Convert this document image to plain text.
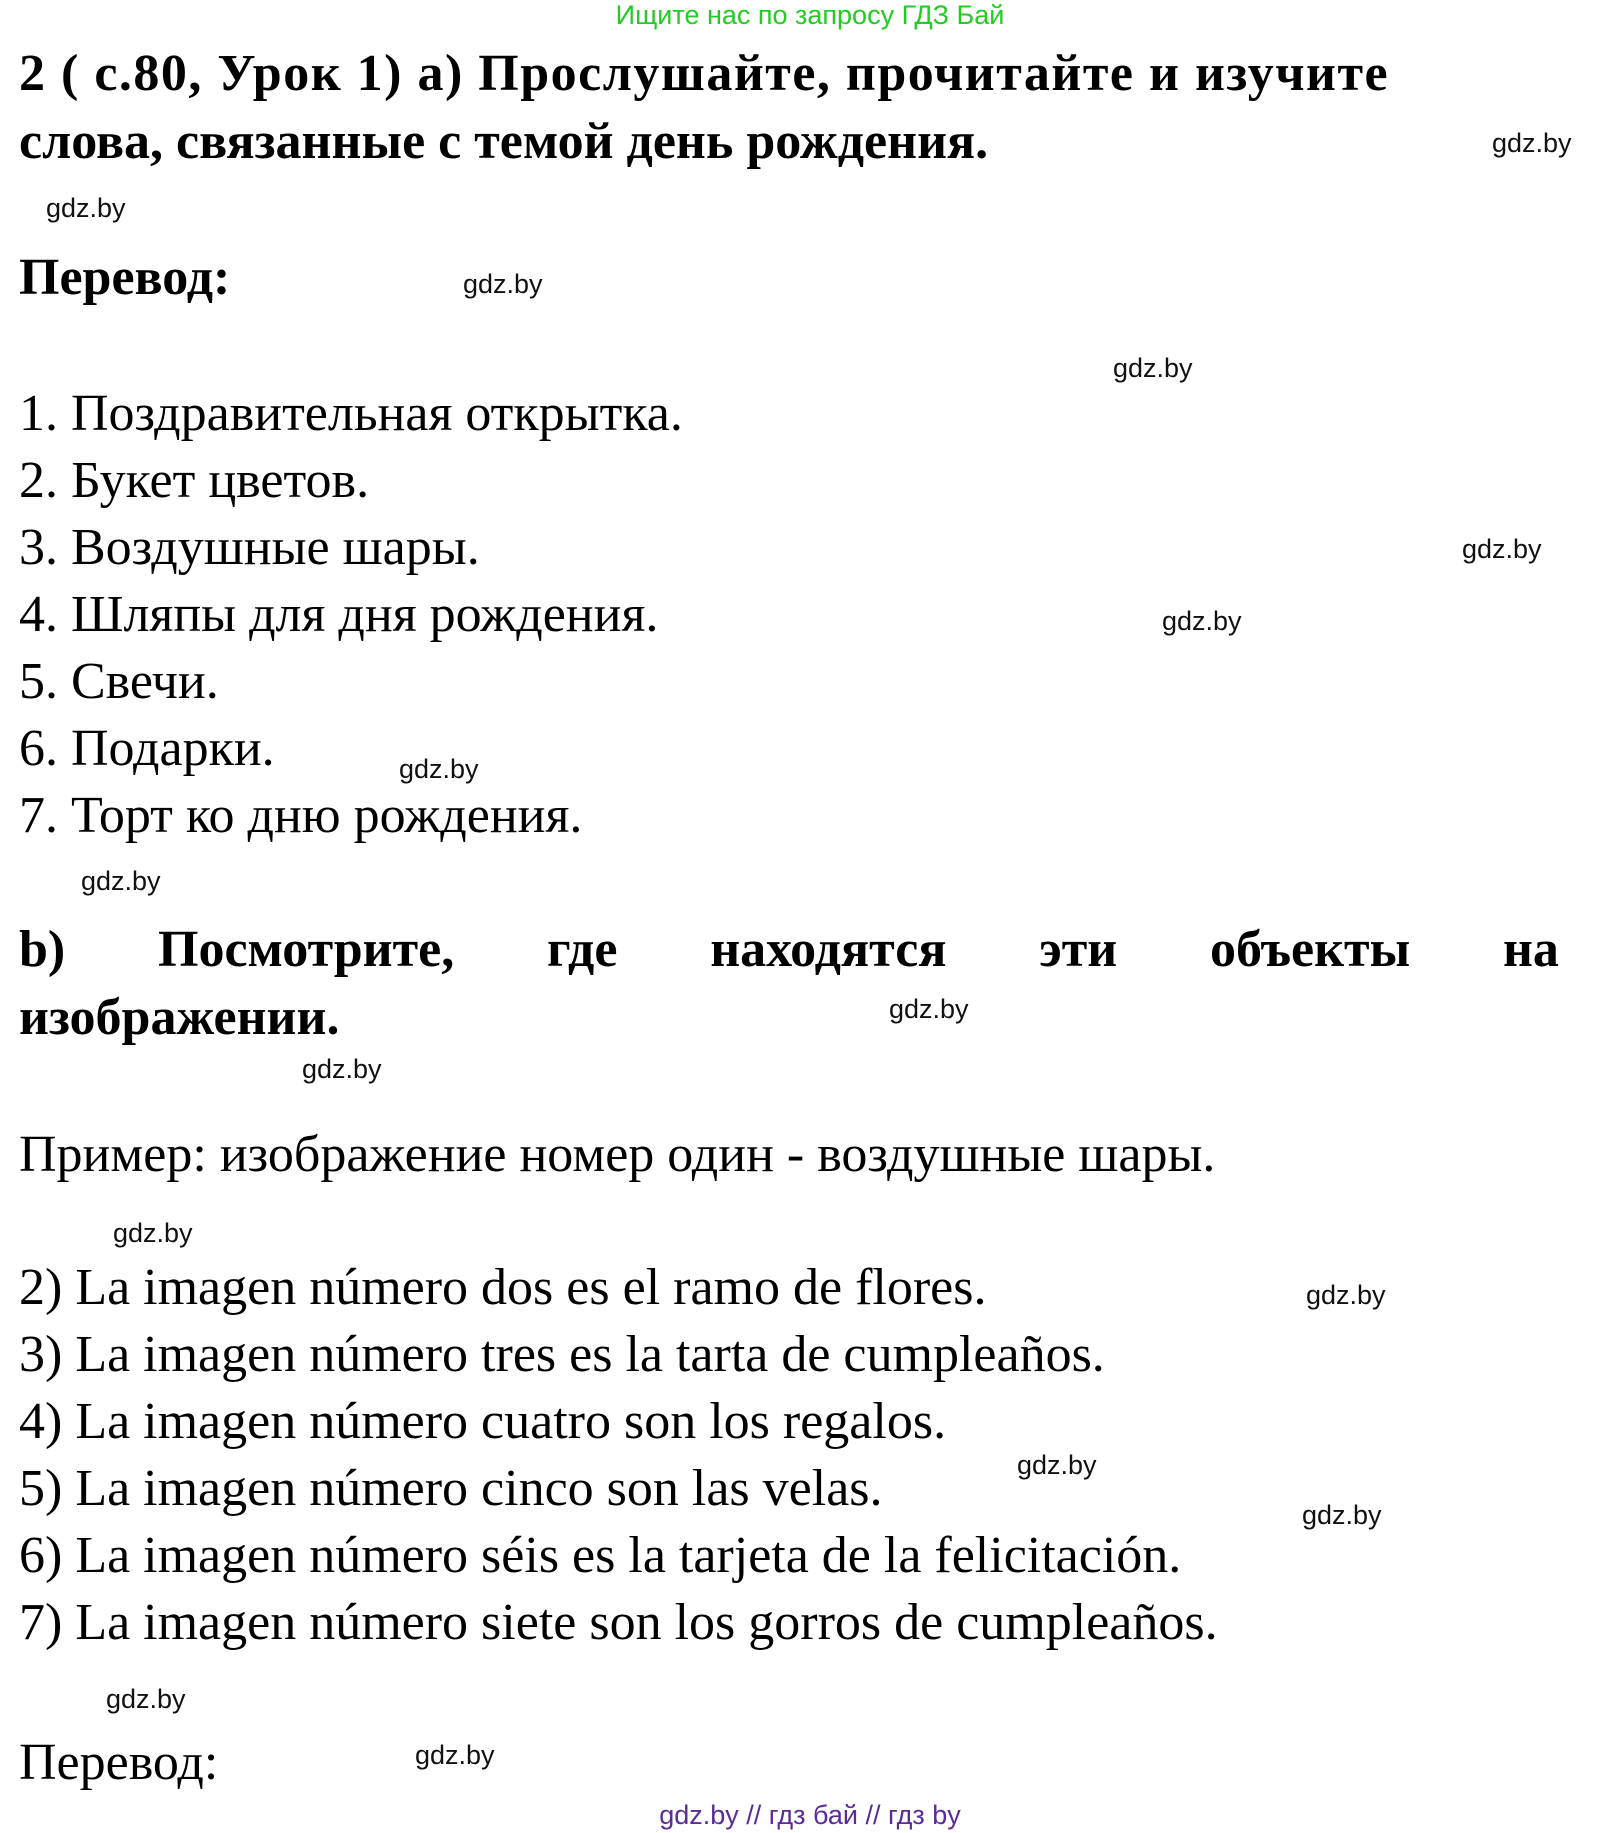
Ищите нас по запросу ГДЗ Бай
2 ( с.80, Урок 1) a) Прослушайте, прочитайте и изучите
слова, связанные с темой день рождения.	gdz.by
gdz.by
Перевод:	gdz.by
gdz.by
1. Поздравительная открытка.
2. Букет цветов.
3. Воздушные шары.	gdz.by
4. Шляпы для дня рождения.	gdz.by
5. Свечи.
6. Подарки.	gdz.by
7. Торт ко дню рождения.
gdz.by
b) Посмотрите, где находятся эти объекты на
изображении.	gdz.by
gdz.by
Пример: изображение номер один - воздушные шары.
gdz.by
2) La imagen número dos es el ramo de flores.	gdz.by
3) La imagen número tres es la tarta de cumpleaños.
4) La imagen número cuatro son los regalos.
gdz.by
5) La imagen número cinco son las velas.	gdz.by
6) La imagen número séis es la tarjeta de la felicitación.
7) La imagen número siete son los gorros de cumpleaños.
gdz.by
Перевод:	gdz.by
gdz.by // гдз бай // гдз by
